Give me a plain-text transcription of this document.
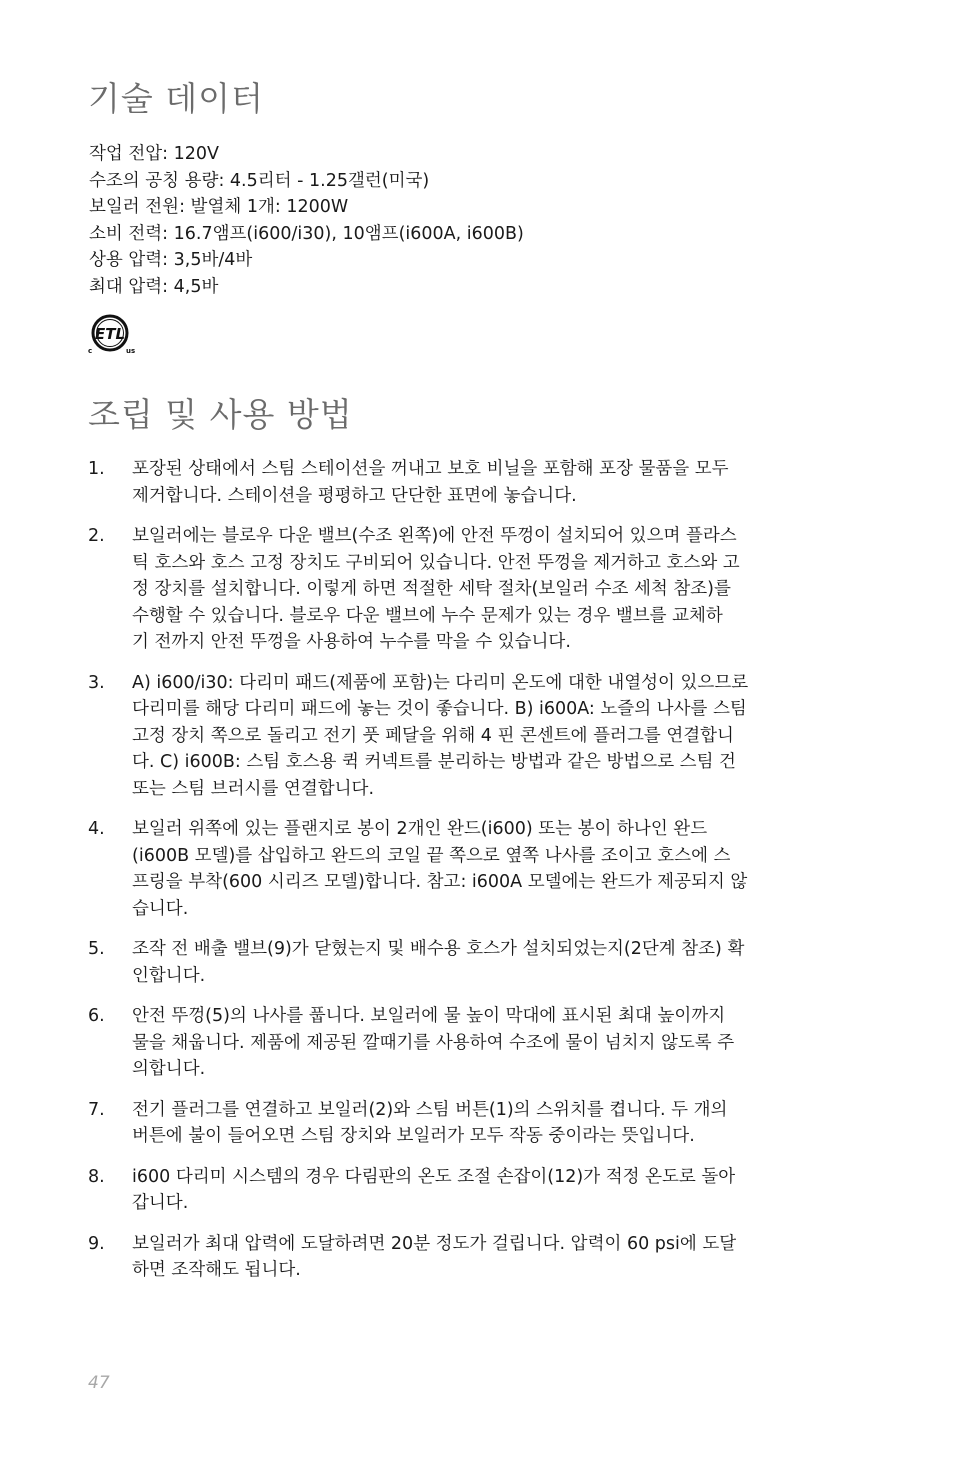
기술 데이터
작업 전압: 120V
수조의 공칭 용량: 4.5리터 - 1.25갤런(미국)
보일러 전원: 발열체 1개: 1200W
소비 전력: 16.7앰프(i600/i30), 10앰프(i600A, i600B)
상용 압력: 3,5바/4바
최대 압력: 4,5바
ETL
c	us
조립 및 사용 방법
1. 포장된 상태에서 스팀 스테이션을 꺼내고 보호 비닐을 포함해 포장 물품을 모두
제거합니다. 스테이션을 평평하고 단단한 표면에 놓습니다.
2. 보일러에는 블로우 다운 밸브(수조 왼쪽)에 안전 뚜껑이 설치되어 있으며 플라스
틱 호스와 호스 고정 장치도 구비되어 있습니다. 안전 뚜껑을 제거하고 호스와 고
정 장치를 설치합니다. 이렇게 하면 적절한 세탁 절차(보일러 수조 세척 참조)를
수행할 수 있습니다. 블로우 다운 밸브에 누수 문제가 있는 경우 밸브를 교체하
기 전까지 안전 뚜껑을 사용하여 누수를 막을 수 있습니다.
3. A) i600/i30: 다리미 패드(제품에 포함)는 다리미 온도에 대한 내열성이 있으므로
다리미를 해당 다리미 패드에 놓는 것이 좋습니다. B) i600A: 노즐의 나사를 스팀
고정 장치 쪽으로 돌리고 전기 풋 페달을 위해 4 핀 콘센트에 플러그를 연결합니
다. C) i600B: 스팀 호스용 퀵 커넥트를 분리하는 방법과 같은 방법으로 스팀 건
또는 스팀 브러시를 연결합니다.
4. 보일러 위쪽에 있는 플랜지로 봉이 2개인 완드(i600) 또는 봉이 하나인 완드
(i600B 모델)를 삽입하고 완드의 코일 끝 쪽으로 옆쪽 나사를 조이고 호스에 스
프링을 부착(600 시리즈 모델)합니다. 참고: i600A 모델에는 완드가 제공되지 않
습니다.
5. 조작 전 배출 밸브(9)가 닫혔는지 및 배수용 호스가 설치되었는지(2단계 참조) 확
인합니다.
6. 안전 뚜껑(5)의 나사를 풉니다. 보일러에 물 높이 막대에 표시된 최대 높이까지
물을 채웁니다. 제품에 제공된 깔때기를 사용하여 수조에 물이 넘치지 않도록 주
의합니다.
7. 전기 플러그를 연결하고 보일러(2)와 스팀 버튼(1)의 스위치를 켭니다. 두 개의
버튼에 불이 들어오면 스팀 장치와 보일러가 모두 작동 중이라는 뜻입니다.
8. i600 다리미 시스템의 경우 다림판의 온도 조절 손잡이(12)가 적정 온도로 돌아
갑니다.
9. 보일러가 최대 압력에 도달하려면 20분 정도가 걸립니다. 압력이 60 psi에 도달
하면 조작해도 됩니다.
47
